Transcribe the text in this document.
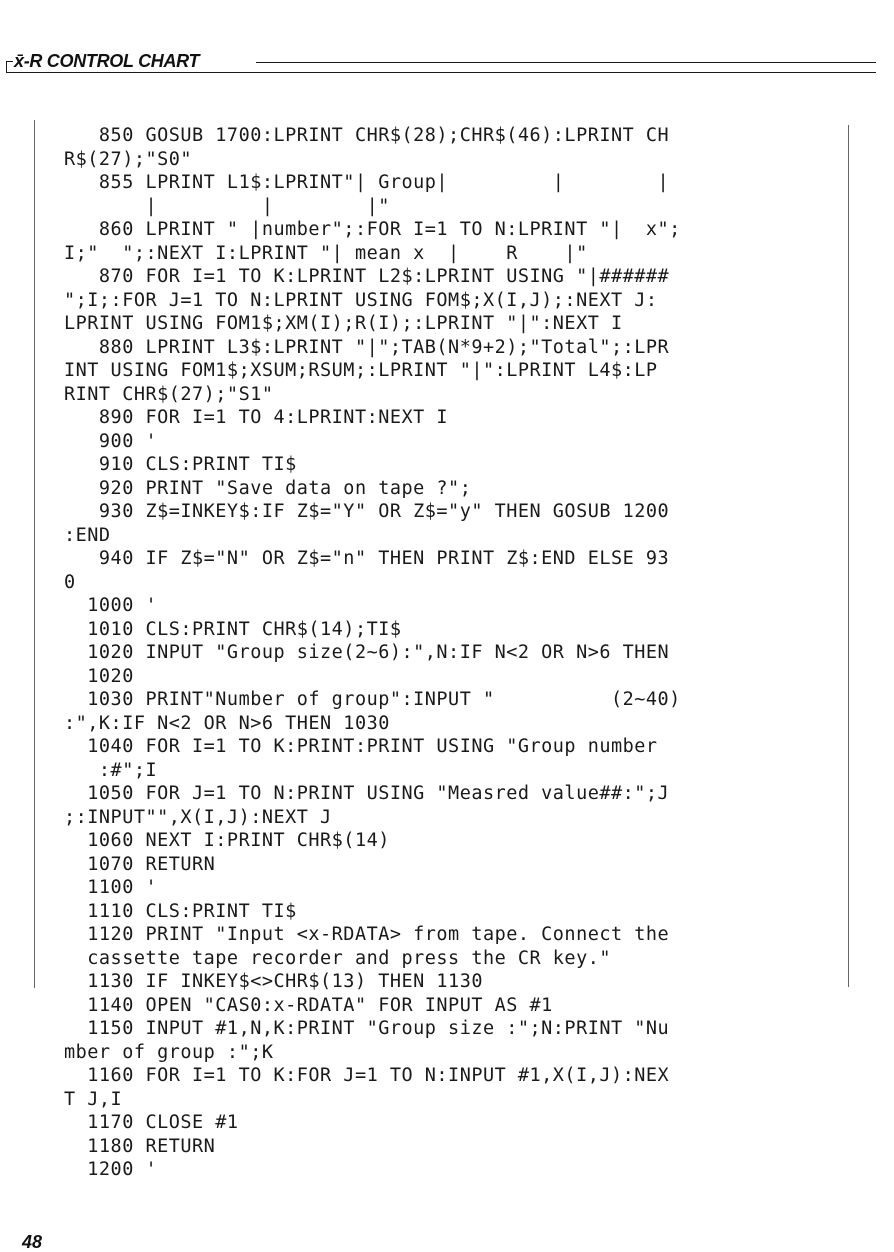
x̄-R CONTROL CHART
850 GOSUB 1700:LPRINT CHR$(28);CHR$(46):LPRINT CH
R$(27);"S0"
855 LPRINT L1$:LPRINT"| Group|         |        |
|         |        |"
860 LPRINT " |number";:FOR I=1 TO N:LPRINT "|  x";
I;"  ";:NEXT I:LPRINT "| mean x  |    R    |"
870 FOR I=1 TO K:LPRINT L2$:LPRINT USING "|######
";I;:FOR J=1 TO N:LPRINT USING FOM$;X(I,J);:NEXT J:
LPRINT USING FOM1$;XM(I);R(I);:LPRINT "|":NEXT I
880 LPRINT L3$:LPRINT "|";TAB(N*9+2);"Total";:LPR
INT USING FOM1$;XSUM;RSUM;:LPRINT "|":LPRINT L4$:LP
RINT CHR$(27);"S1"
890 FOR I=1 TO 4:LPRINT:NEXT I
900 '
910 CLS:PRINT TI$
920 PRINT "Save data on tape ?";
930 Z$=INKEY$:IF Z$="Y" OR Z$="y" THEN GOSUB 1200
:END
940 IF Z$="N" OR Z$="n" THEN PRINT Z$:END ELSE 93
0
1000 '
1010 CLS:PRINT CHR$(14);TI$
1020 INPUT "Group size(2~6):",N:IF N<2 OR N>6 THEN
1020
1030 PRINT"Number of group":INPUT "          (2~40)
:",K:IF N<2 OR N>6 THEN 1030
1040 FOR I=1 TO K:PRINT:PRINT USING "Group number
:#";I
1050 FOR J=1 TO N:PRINT USING "Measred value##:";J
;:INPUT"",X(I,J):NEXT J
1060 NEXT I:PRINT CHR$(14)
1070 RETURN
1100 '
1110 CLS:PRINT TI$
1120 PRINT "Input <x-RDATA> from tape. Connect the
cassette tape recorder and press the CR key."
1130 IF INKEY$<>CHR$(13) THEN 1130
1140 OPEN "CAS0:x-RDATA" FOR INPUT AS #1
1150 INPUT #1,N,K:PRINT "Group size :";N:PRINT "Nu
mber of group :";K
1160 FOR I=1 TO K:FOR J=1 TO N:INPUT #1,X(I,J):NEX
T J,I
1170 CLOSE #1
1180 RETURN
1200 '
48
